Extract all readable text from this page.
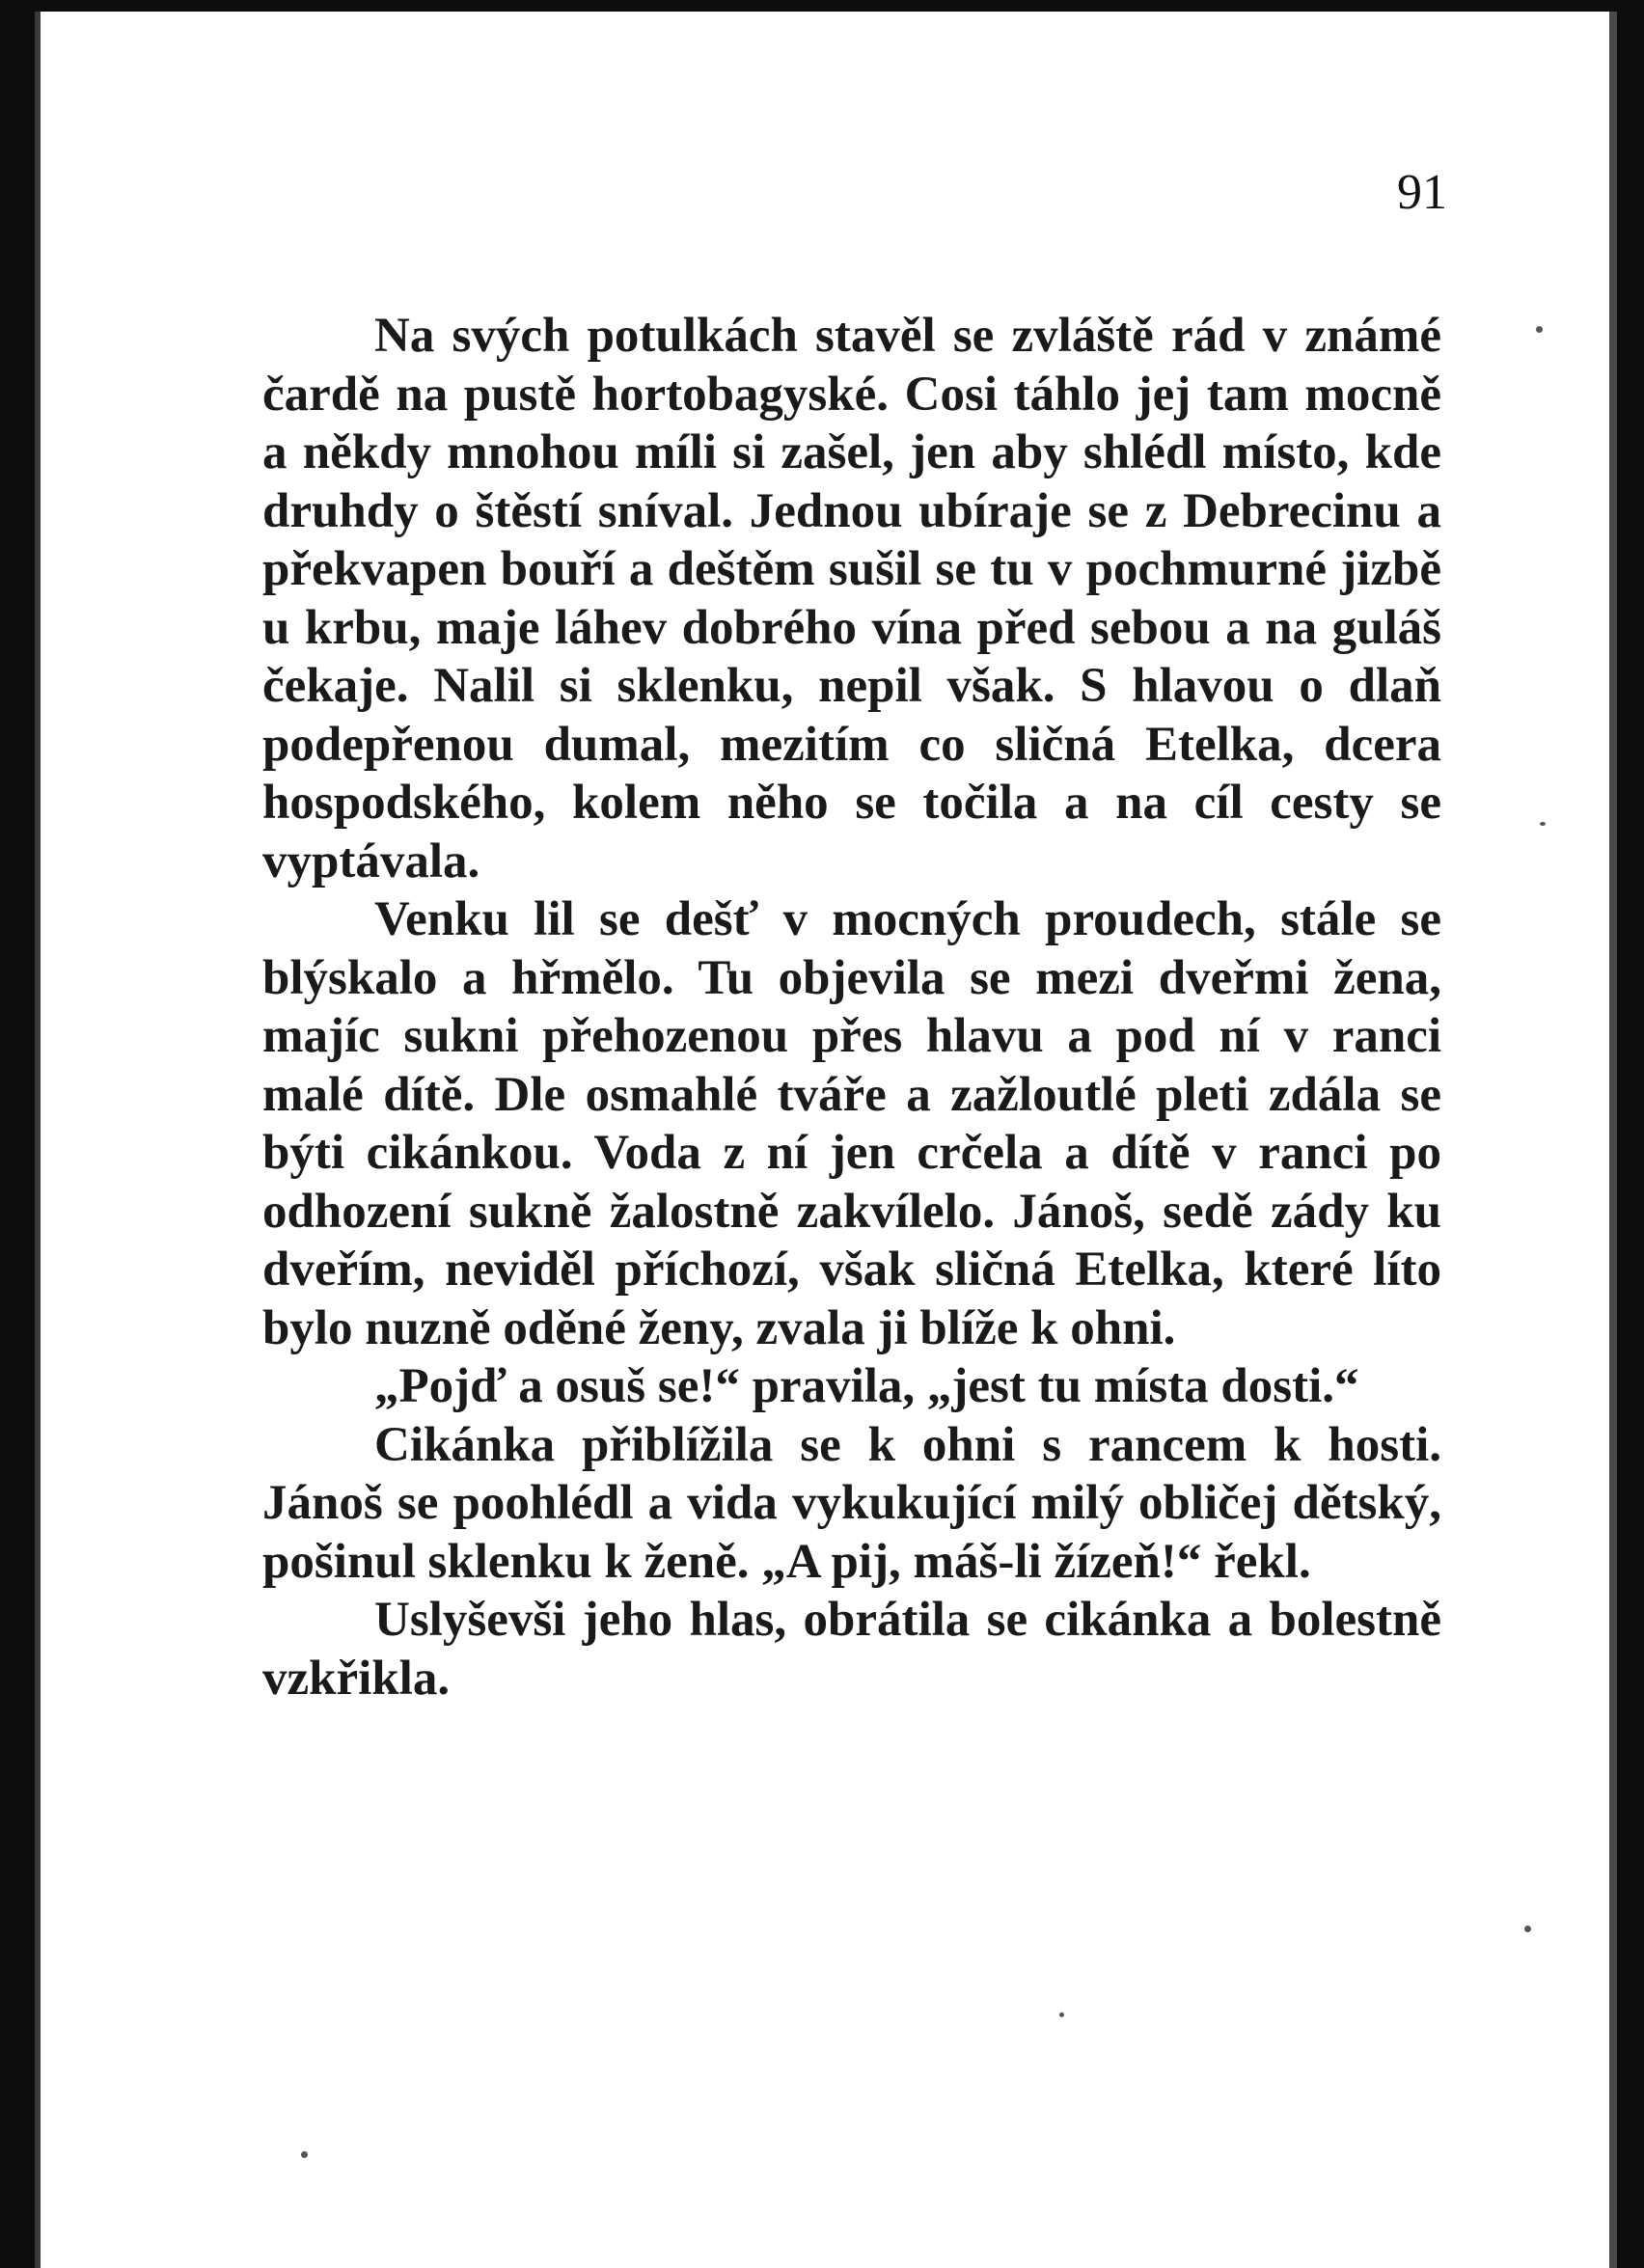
91

Na svých potulkách stavěl se zvláště rád v známé čardě na pustě hortobagyské. Cosi táhlo jej tam mocně a někdy mnohou míli si zašel, jen aby shlédl místo, kde druhdy o štěstí sníval. Jednou ubíraje se z Debrecinu a překvapen bouří a deštěm sušil se tu v pochmurné jizbě u krbu, maje láhev dobrého vína před sebou a na guláš čekaje. Nalil si sklenku, nepil však. S hlavou o dlaň podepřenou dumal, mezitím co sličná Etelka, dcera hospodského, kolem něho se točila a na cíl cesty se vyptávala.

Venku lil se dešť v mocných proudech, stále se blýskalo a hřmělo. Tu objevila se mezi dveřmi žena, majíc sukni přehozenou přes hlavu a pod ní v ranci malé dítě. Dle osmahlé tváře a zažloutlé pleti zdála se býti cikánkou. Voda z ní jen crčela a dítě v ranci po odhození sukně žalostně zakvílelo. Jánoš, sedě zády ku dveřím, neviděl příchozí, však sličná Etelka, které líto bylo nuzně oděné ženy, zvala ji blíže k ohni.

„Pojď a osuš se!“ pravila, „jest tu místa dosti.“

Cikánka přiblížila se k ohni s rancem k hosti. Jánoš se poohlédl a vida vykukující milý obličej dětský, pošinul sklenku k ženě. „A pij, máš-li žízeň!“ řekl.

Uslyševši jeho hlas, obrátila se cikánka a bolestně vzkřikla.
